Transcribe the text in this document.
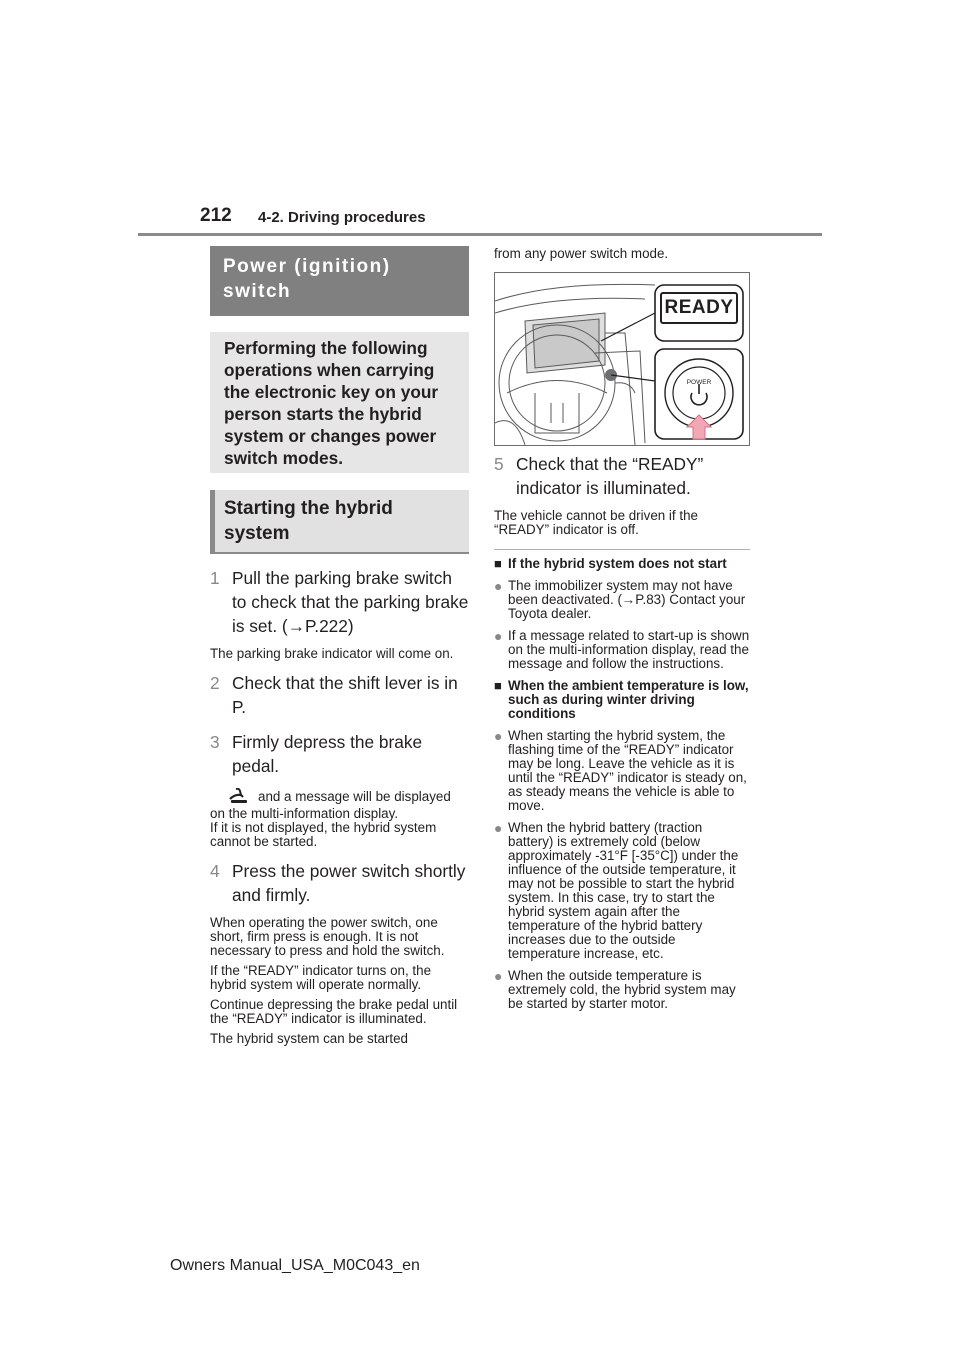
212 4-2. Driving procedures
Power (ignition) switch
Performing the following operations when carrying the electronic key on your person starts the hybrid system or changes power switch modes.
Starting the hybrid system
1 Pull the parking brake switch to check that the parking brake is set. (→P.222)
The parking brake indicator will come on.
2 Check that the shift lever is in P.
3 Firmly depress the brake pedal.
and a message will be displayed on the multi-information display.
If it is not displayed, the hybrid system cannot be started.
4 Press the power switch shortly and firmly.
When operating the power switch, one short, firm press is enough. It is not necessary to press and hold the switch.
If the “READY” indicator turns on, the hybrid system will operate normally.
Continue depressing the brake pedal until the “READY” indicator is illuminated.
The hybrid system can be started
from any power switch mode.
READY
POWER
5 Check that the “READY” indicator is illuminated.
The vehicle cannot be driven if the “READY” indicator is off.
■ If the hybrid system does not start
● The immobilizer system may not have been deactivated. (→P.83) Contact your Toyota dealer.
● If a message related to start-up is shown on the multi-information display, read the message and follow the instructions.
■ When the ambient temperature is low, such as during winter driving conditions
● When starting the hybrid system, the flashing time of the “READY” indicator may be long. Leave the vehicle as it is until the “READY” indicator is steady on, as steady means the vehicle is able to move.
● When the hybrid battery (traction battery) is extremely cold (below approximately -31°F [-35°C]) under the influence of the outside temperature, it may not be possible to start the hybrid system. In this case, try to start the hybrid system again after the temperature of the hybrid battery increases due to the outside temperature increase, etc.
● When the outside temperature is extremely cold, the hybrid system may be started by starter motor.
Owners Manual_USA_M0C043_en
